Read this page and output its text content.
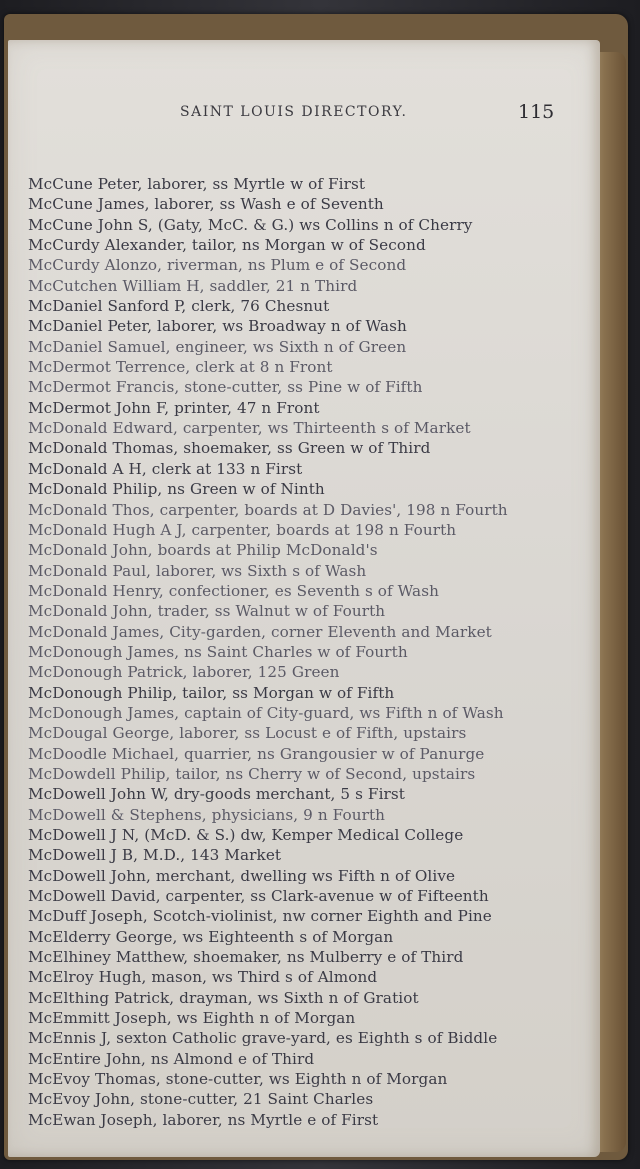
SAINT LOUIS DIRECTORY.	115
McCune Peter, laborer, ss Myrtle w of First
McCune James, laborer, ss Wash e of Seventh
McCune John S, (Gaty, McC. & G.) ws Collins n of Cherry
McCurdy Alexander, tailor, ns Morgan w of Second
McCurdy Alonzo, riverman, ns Plum e of Second
McCutchen William H, saddler, 21 n Third
McDaniel Sanford P, clerk, 76 Chesnut
McDaniel Peter, laborer, ws Broadway n of Wash
McDaniel Samuel, engineer, ws Sixth n of Green
McDermot Terrence, clerk at 8 n Front
McDermot Francis, stone-cutter, ss Pine w of Fifth
McDermot John F, printer, 47 n Front
McDonald Edward, carpenter, ws Thirteenth s of Market
McDonald Thomas, shoemaker, ss Green w of Third
McDonald A H, clerk at 133 n First
McDonald Philip, ns Green w of Ninth
McDonald Thos, carpenter, boards at D Davies', 198 n Fourth
McDonald Hugh A J, carpenter, boards at 198 n Fourth
McDonald John, boards at Philip McDonald's
McDonald Paul, laborer, ws Sixth s of Wash
McDonald Henry, confectioner, es Seventh s of Wash
McDonald John, trader, ss Walnut w of Fourth
McDonald James, City-garden, corner Eleventh and Market
McDonough James, ns Saint Charles w of Fourth
McDonough Patrick, laborer, 125 Green
McDonough Philip, tailor, ss Morgan w of Fifth
McDonough James, captain of City-guard, ws Fifth n of Wash
McDougal George, laborer, ss Locust e of Fifth, upstairs
McDoodle Michael, quarrier, ns Grangousier w of Panurge
McDowdell Philip, tailor, ns Cherry w of Second, upstairs
McDowell John W, dry-goods merchant, 5 s First
McDowell & Stephens, physicians, 9 n Fourth
McDowell J N, (McD. & S.) dw, Kemper Medical College
McDowell J B, M.D., 143 Market
McDowell John, merchant, dwelling ws Fifth n of Olive
McDowell David, carpenter, ss Clark-avenue w of Fifteenth
McDuff Joseph, Scotch-violinist, nw corner Eighth and Pine
McElderry George, ws Eighteenth s of Morgan
McElhiney Matthew, shoemaker, ns Mulberry e of Third
McElroy Hugh, mason, ws Third s of Almond
McElthing Patrick, drayman, ws Sixth n of Gratiot
McEmmitt Joseph, ws Eighth n of Morgan
McEnnis J, sexton Catholic grave-yard, es Eighth s of Biddle
McEntire John, ns Almond e of Third
McEvoy Thomas, stone-cutter, ws Eighth n of Morgan
McEvoy John, stone-cutter, 21 Saint Charles
McEwan Joseph, laborer, ns Myrtle e of First
